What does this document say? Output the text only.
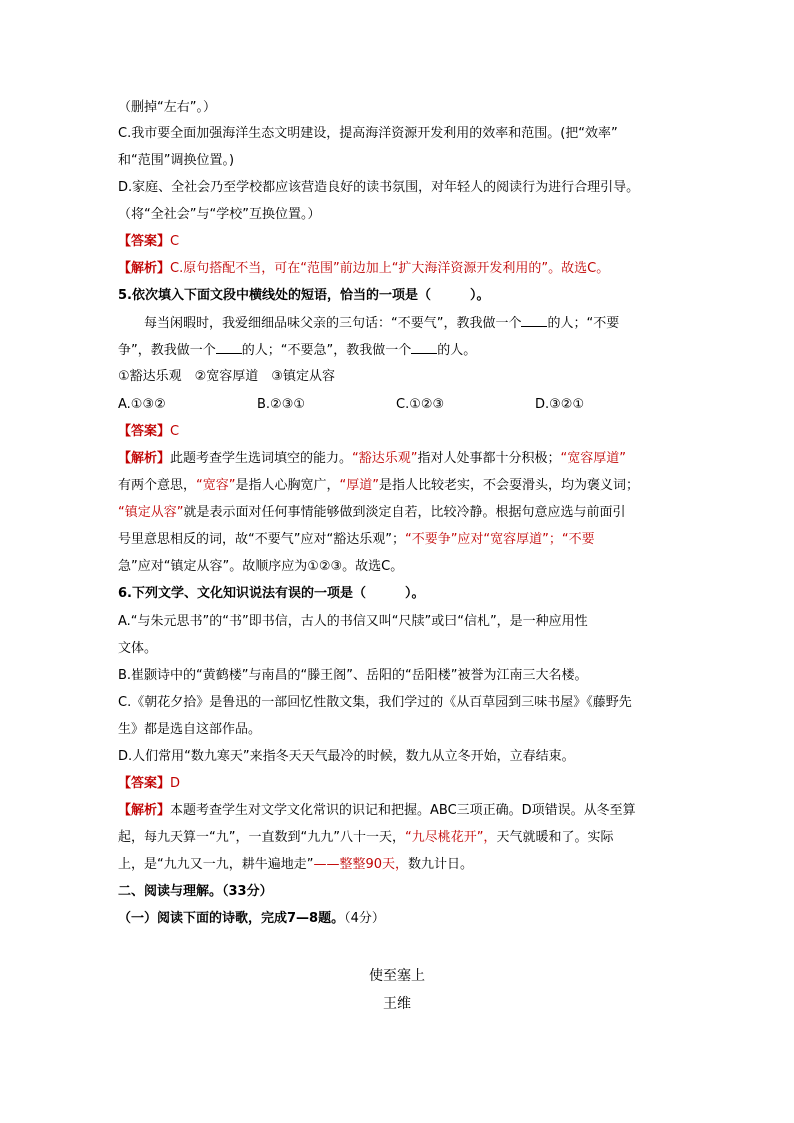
（删掉“左右”。）
C.我市要全面加强海洋生态文明建设，提高海洋资源开发利用的效率和范围。(把“效率”
和“范围”调换位置。)
D.家庭、全社会乃至学校都应该营造良好的读书氛围，对年轻人的阅读行为进行合理引导。
（将“全社会”与“学校”互换位置。）
【答案】C
【解析】C.原句搭配不当，可在“范围”前边加上“扩大海洋资源开发利用的”。故选C。
5.依次填入下面文段中横线处的短语，恰当的一项是（　　　）。
每当闲暇时，我爱细细品味父亲的三句话：“不要气”，教我做一个 的人；“不要
争”，教我做一个 的人；“不要急”，教我做一个 的人。
①豁达乐观　②宽容厚道　③镇定从容
A.①③②	B.②③①	C.①②③	D.③②①
【答案】C
【解析】此题考查学生选词填空的能力。“豁达乐观”指对人处事都十分积极；“宽容厚道”
有两个意思，“宽容”是指人心胸宽广，“厚道”是指人比较老实，不会耍滑头，均为褒义词；
“镇定从容”就是表示面对任何事情能够做到淡定自若，比较冷静。根据句意应选与前面引
号里意思相反的词，故“不要气”应对“豁达乐观”；“不要争”应对“宽容厚道”；“不要
急”应对“镇定从容”。故顺序应为①②③。故选C。
6.下列文学、文化知识说法有误的一项是（　　　）。
A.“与朱元思书”的“书”即书信，古人的书信又叫“尺牍”或曰“信札”，是一种应用性
文体。
B.崔颢诗中的“黄鹤楼”与南昌的“滕王阁”、岳阳的“岳阳楼”被誉为江南三大名楼。
C.《朝花夕拾》是鲁迅的一部回忆性散文集，我们学过的《从百草园到三味书屋》《藤野先
生》都是选自这部作品。
D.人们常用“数九寒天”来指冬天天气最冷的时候，数九从立冬开始，立春结束。
【答案】D
【解析】本题考查学生对文学文化常识的识记和把握。ABC三项正确。D项错误。从冬至算
起，每九天算一“九”，一直数到“九九”八十一天，“九尽桃花开”，天气就暖和了。实际
上，是“九九又一九，耕牛遍地走”——整整90天，数九计日。
二、阅读与理解。（33分）
（一）阅读下面的诗歌，完成7—8题。（4分）
使至塞上
王维
